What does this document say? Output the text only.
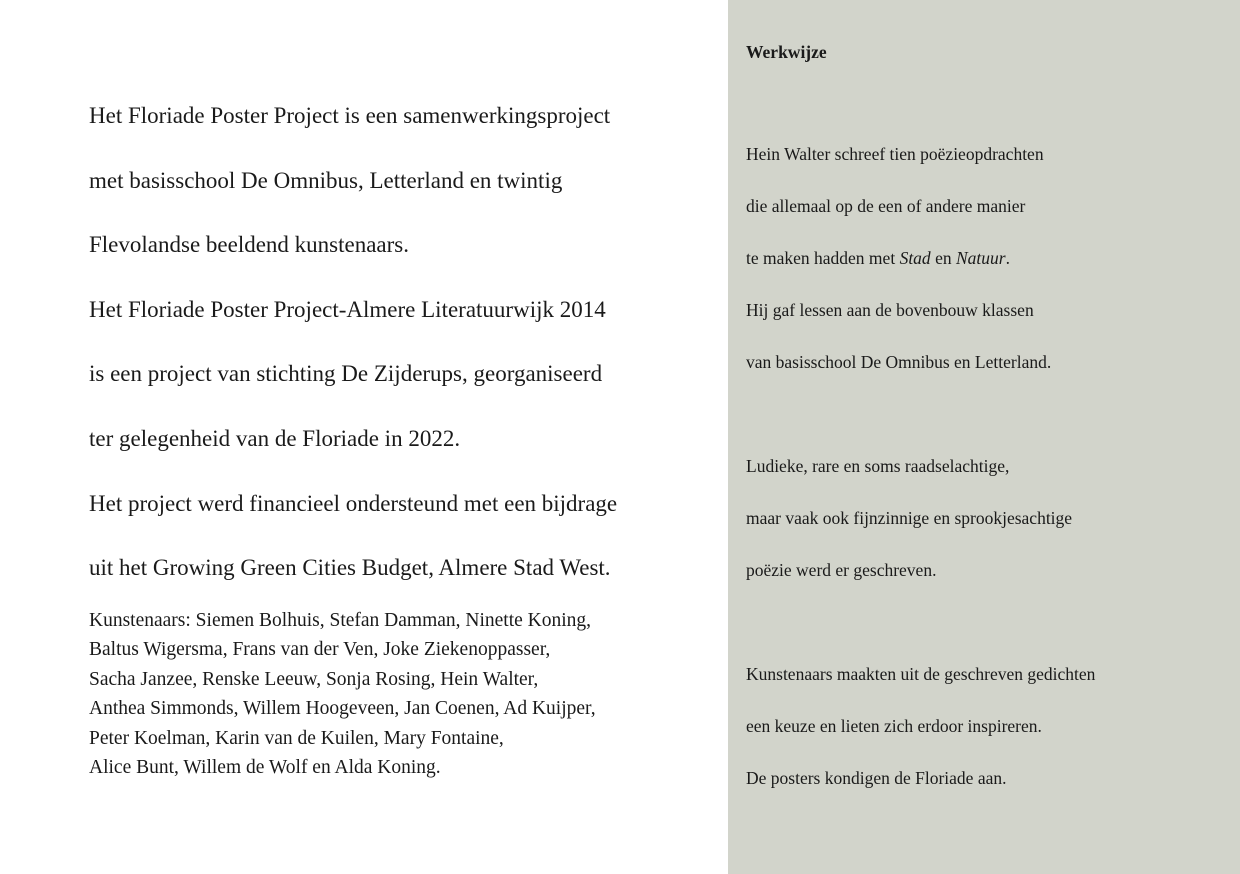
Het Floriade Poster Project is een samenwerkingsproject

met basisschool De Omnibus, Letterland en twintig

Flevolandse beeldend kunstenaars.

Het Floriade Poster Project-Almere Literatuurwijk 2014

is een project van stichting De Zijderups, georganiseerd

ter gelegenheid van de Floriade in 2022.

Het project werd financieel ondersteund met een bijdrage

uit het Growing Green Cities Budget, Almere Stad West.

Kunstenaars: Siemen Bolhuis, Stefan Damman, Ninette Koning,

Baltus Wigersma, Frans van der Ven, Joke Ziekenoppasser,

Sacha Janzee, Renske Leeuw, Sonja Rosing, Hein Walter,

Anthea Simmonds, Willem Hoogeveen, Jan Coenen, Ad Kuijper,

Peter Koelman, Karin van de Kuilen, Mary Fontaine,

Alice Bunt, Willem de Wolf en Alda Koning.

Werkwijze

Hein Walter schreef tien poëzieopdrachten

die allemaal op de een of andere manier

te maken hadden met Stad en Natuur.

Hij gaf lessen aan de bovenbouw klassen

van basisschool De Omnibus en Letterland.

Ludieke, rare en soms raadselachtige,

maar vaak ook fijnzinnige en sprookjesachtige

poëzie werd er geschreven.

Kunstenaars maakten uit de geschreven gedichten

een keuze en lieten zich erdoor inspireren.

De posters kondigen de Floriade aan.
